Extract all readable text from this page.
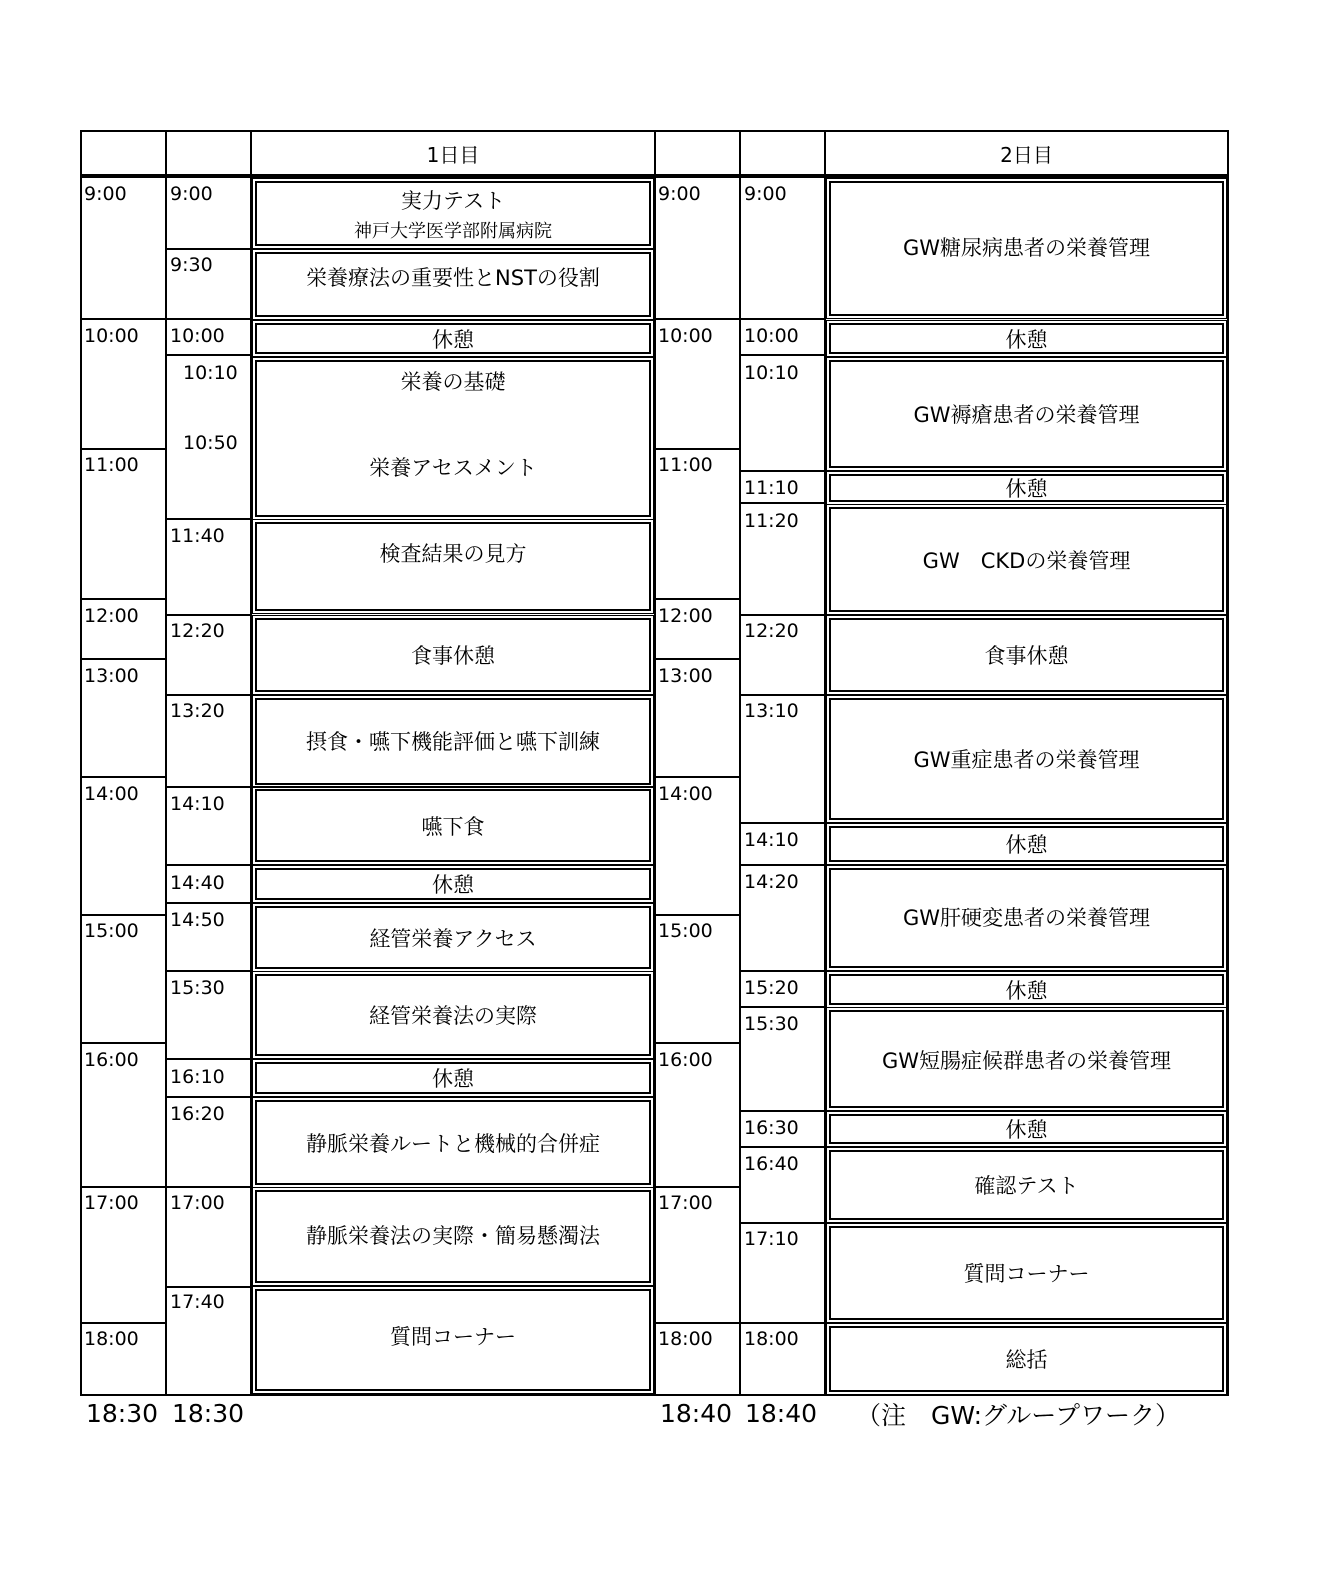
1日目	2日目
9:00
10:00
11:00
12:00
13:00
14:00
15:00
16:00
17:00
18:00
9:00
9:30
10:00
10:10
10:50
11:40
12:20
13:20
14:10
14:40
14:50
15:30
16:10
16:20
17:00
17:40
実力テスト
神戸大学医学部附属病院
栄養療法の重要性とNSTの役割
休憩
栄養の基礎
栄養アセスメント
検査結果の見方
食事休憩
摂食・嚥下機能評価と嚥下訓練
嚥下食
休憩
経管栄養アクセス
経管栄養法の実際
休憩
静脈栄養ルートと機械的合併症
静脈栄養法の実際・簡易懸濁法
質問コーナー
9:00
10:00
11:00
12:00
13:00
14:00
15:00
16:00
17:00
18:00
9:00
10:00
10:10
11:10
11:20
12:20
13:10
14:10
14:20
15:20
15:30
16:30
16:40
17:10
18:00
GW糖尿病患者の栄養管理
休憩
GW褥瘡患者の栄養管理
休憩
GW　CKDの栄養管理
食事休憩
GW重症患者の栄養管理
休憩
GW肝硬変患者の栄養管理
休憩
GW短腸症候群患者の栄養管理
休憩
確認テスト
質問コーナー
総括
18:30 18:30	18:40 18:40 （注　GW:グループワーク）
